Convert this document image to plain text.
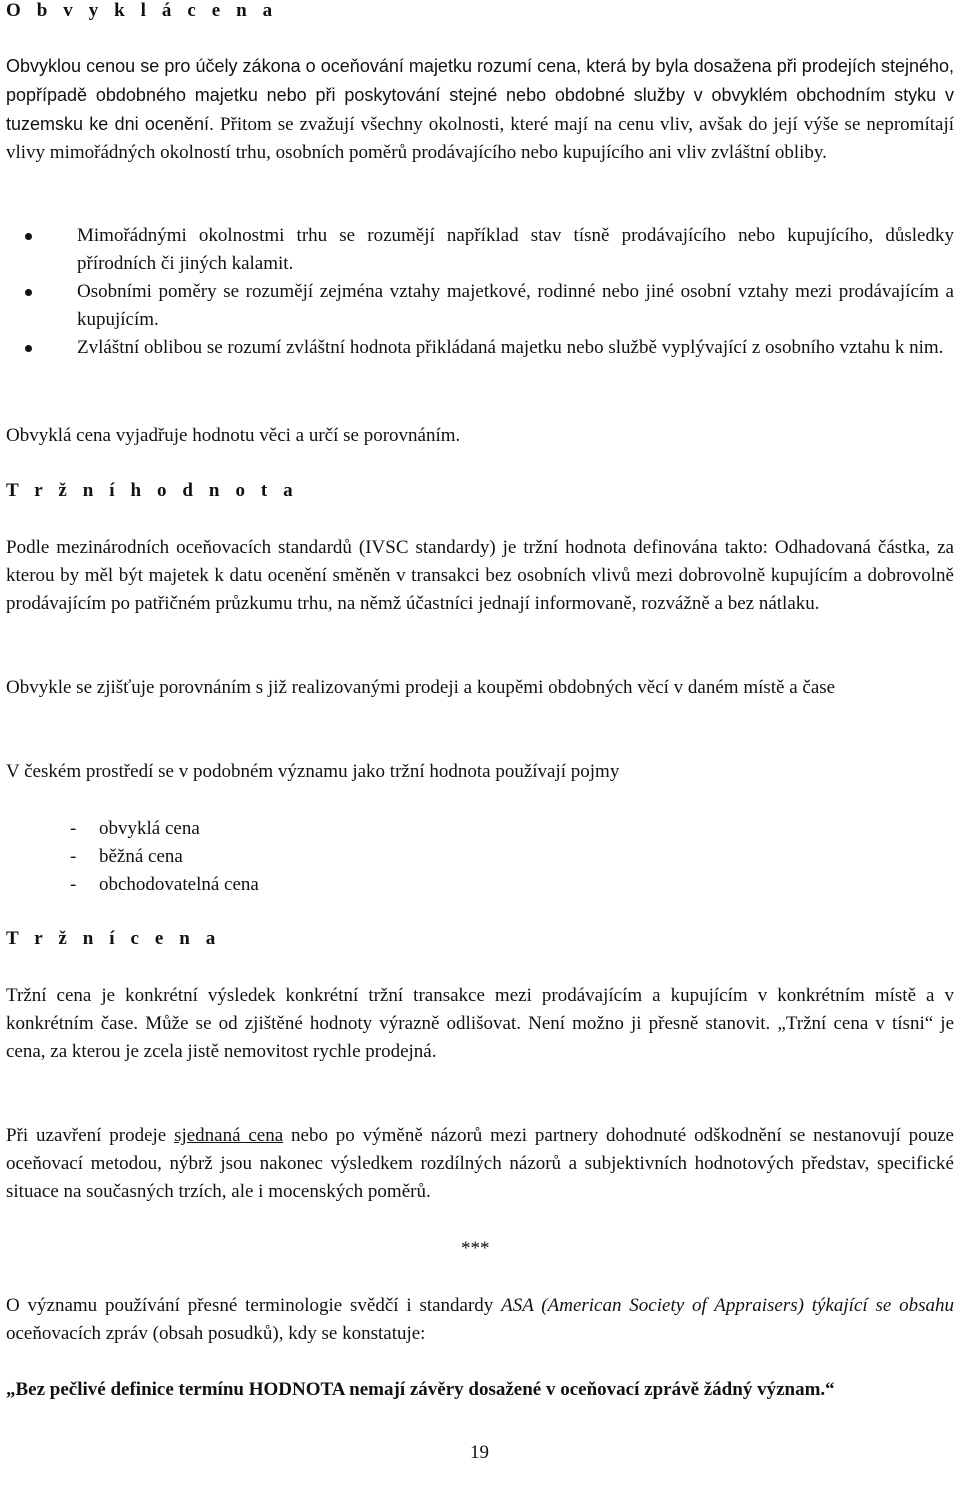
O b v y k l á c e n a

Obvyklou cenou se pro účely zákona o oceňování majetku rozumí cena, která by byla dosažena při prodejích stejného, popřípadě obdobného majetku nebo při poskytování stejné nebo obdobné služby v obvyklém obchodním styku v tuzemsku ke dni ocenění. Přitom se zvažují všechny okolnosti, které mají na cenu vliv, avšak do její výše se nepromítají vlivy mimořádných okolností trhu, osobních poměrů prodávajícího nebo kupujícího ani vliv zvláštní obliby.

Mimořádnými okolnostmi trhu se rozumějí například stav tísně prodávajícího nebo kupujícího, důsledky přírodních či jiných kalamit.
Osobními poměry se rozumějí zejména vztahy majetkové, rodinné nebo jiné osobní vztahy mezi prodávajícím a kupujícím.
Zvláštní oblibou se rozumí zvláštní hodnota přikládaná majetku nebo službě vyplývající z osobního vztahu k nim.

Obvyklá cena vyjadřuje hodnotu věci a určí se porovnáním.

T r ž n í h o d n o t a

Podle mezinárodních oceňovacích standardů (IVSC standardy) je tržní hodnota definována takto: Odhadovaná částka, za kterou by měl být majetek k datu ocenění směněn v transakci bez osobních vlivů mezi dobrovolně kupujícím a dobrovolně prodávajícím po patřičném průzkumu trhu, na němž účastníci jednají informovaně, rozvážně a bez nátlaku.

Obvykle se zjišťuje porovnáním s již realizovanými prodeji a koupěmi obdobných věcí v daném místě a čase

V českém prostředí se v podobném významu jako tržní hodnota používají pojmy

- obvyklá cena
- běžná cena
- obchodovatelná cena
T r ž n í c e n a

Tržní cena je konkrétní výsledek konkrétní tržní transakce mezi prodávajícím a kupujícím v konkrétním místě a v konkrétním čase. Může se od zjištěné hodnoty výrazně odlišovat. Není možno ji přesně stanovit. „Tržní cena v tísni“ je cena, za kterou je zcela jistě nemovitost rychle prodejná.

Při uzavření prodeje sjednaná cena nebo po výměně názorů mezi partnery dohodnuté odškodnění se nestanovují pouze oceňovací metodou, nýbrž jsou nakonec výsledkem rozdílných názorů a subjektivních hodnotových představ, specifické situace na současných trzích, ale i mocenských poměrů.

***

O významu používání přesné terminologie svědčí i standardy ASA (American Society of Appraisers) týkající se obsahu oceňovacích zpráv (obsah posudků), kdy se konstatuje:

„Bez pečlivé definice termínu HODNOTA nemají závěry dosažené v oceňovací zprávě žádný význam.“

19
